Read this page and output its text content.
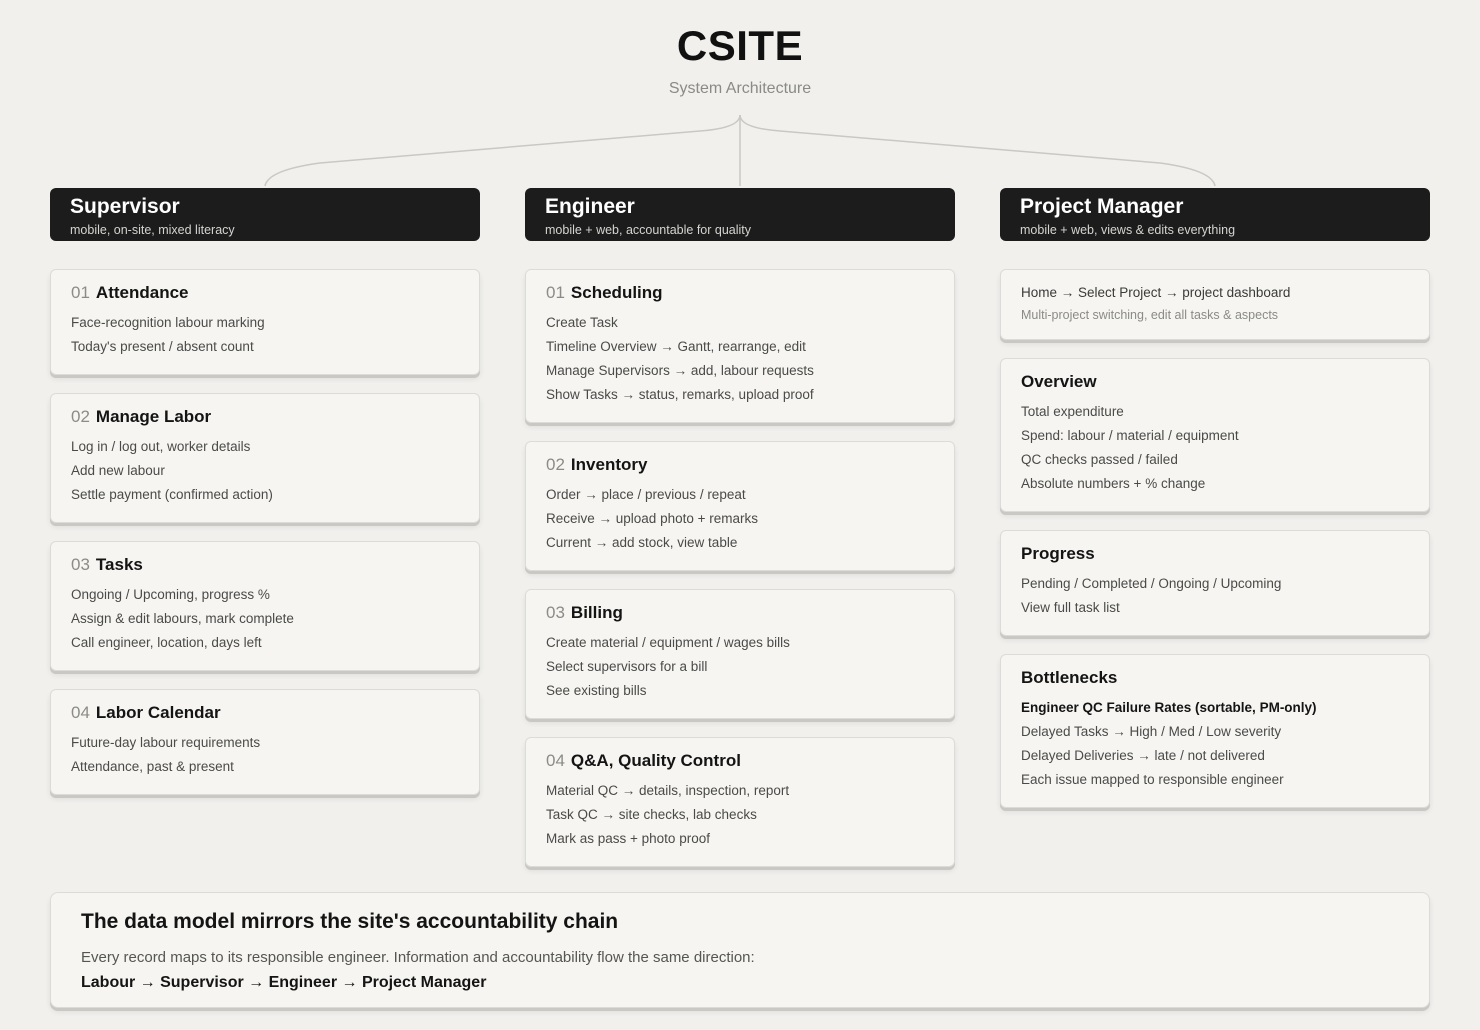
CSITE
System Architecture
Supervisor
mobile, on-site, mixed literacy
01 Attendance
Face-recognition labour marking
Today's present / absent count
02 Manage Labor
Log in / log out, worker details
Add new labour
Settle payment (confirmed action)
03 Tasks
Ongoing / Upcoming, progress %
Assign & edit labours, mark complete
Call engineer, location, days left
04 Labor Calendar
Future-day labour requirements
Attendance, past & present
Engineer
mobile + web, accountable for quality
01 Scheduling
Create Task
Timeline Overview → Gantt, rearrange, edit
Manage Supervisors → add, labour requests
Show Tasks → status, remarks, upload proof
02 Inventory
Order → place / previous / repeat
Receive → upload photo + remarks
Current → add stock, view table
03 Billing
Create material / equipment / wages bills
Select supervisors for a bill
See existing bills
04 Q&A, Quality Control
Material QC → details, inspection, report
Task QC → site checks, lab checks
Mark as pass + photo proof
Project Manager
mobile + web, views & edits everything
Home → Select Project → project dashboard
Multi-project switching, edit all tasks & aspects
Overview
Total expenditure
Spend: labour / material / equipment
QC checks passed / failed
Absolute numbers + % change
Progress
Pending / Completed / Ongoing / Upcoming
View full task list
Bottlenecks
Engineer QC Failure Rates (sortable, PM-only)
Delayed Tasks → High / Med / Low severity
Delayed Deliveries → late / not delivered
Each issue mapped to responsible engineer
The data model mirrors the site's accountability chain
Every record maps to its responsible engineer. Information and accountability flow the same direction:
Labour → Supervisor → Engineer → Project Manager
